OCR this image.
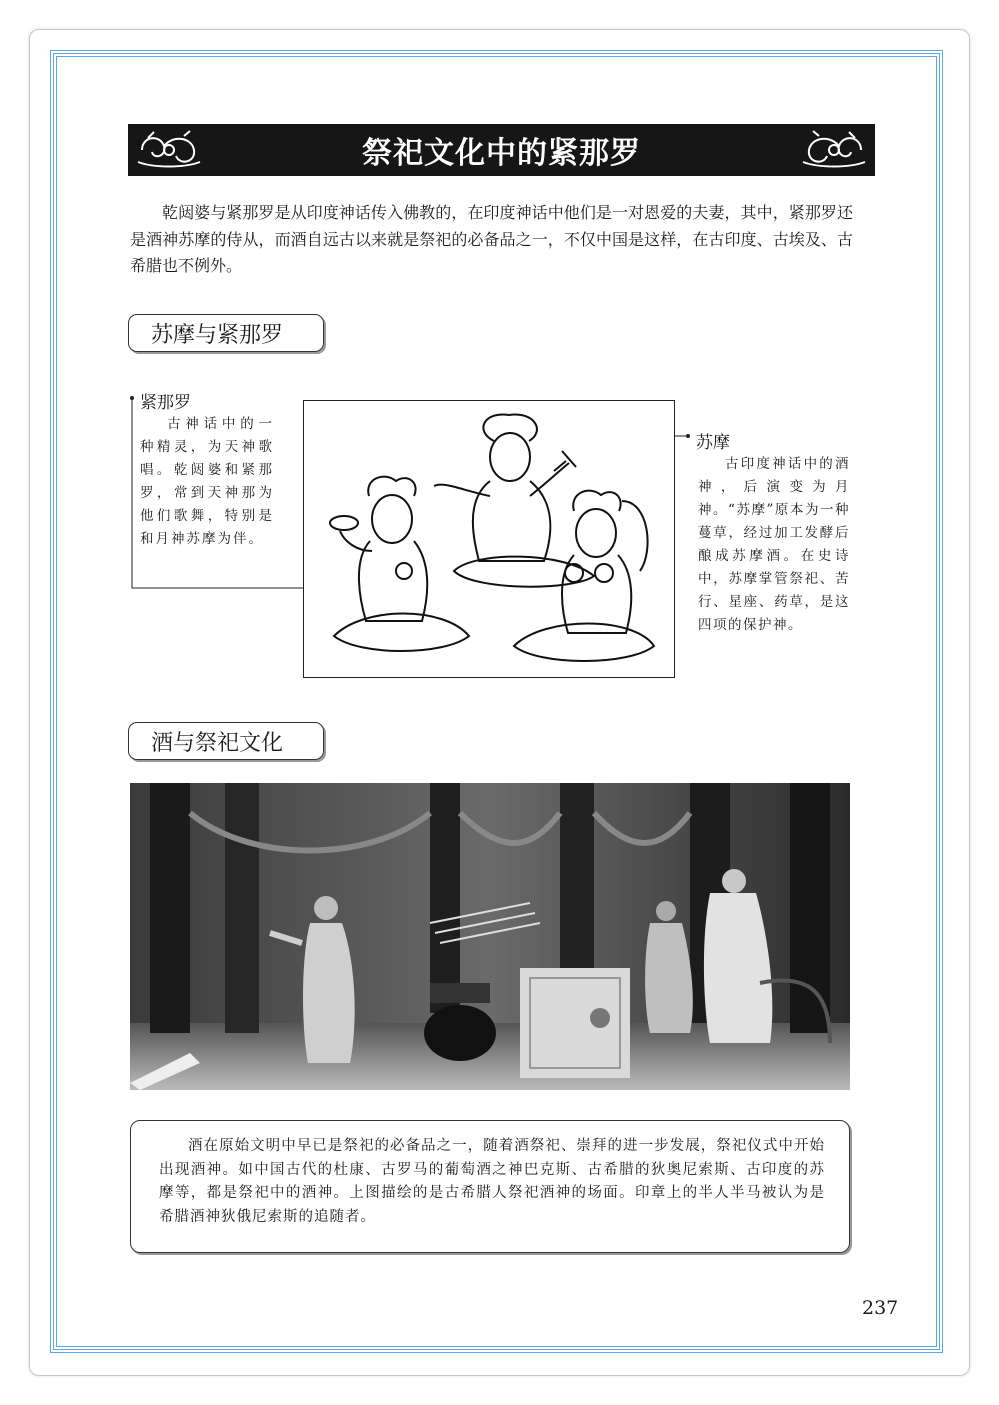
祭祀文化中的紧那罗

乾闼婆与紧那罗是从印度神话传入佛教的，在印度神话中他们是一对恩爱的夫妻，其中，紧那罗还是酒神苏摩的侍从，而酒自远古以来就是祭祀的必备品之一，不仅中国是这样，在古印度、古埃及、古希腊也不例外。

苏摩与紧那罗
紧那罗

古神话中的一种精灵，为天神歌唱。乾闼婆和紧那罗，常到天神那为他们歌舞，特别是和月神苏摩为伴。

苏摩

古印度神话中的酒神，后演变为月神。“苏摩”原本为一种蔓草，经过加工发酵后酿成苏摩酒。在史诗中，苏摩掌管祭祀、苦行、星座、药草，是这四项的保护神。

酒与祭祀文化

酒在原始文明中早已是祭祀的必备品之一，随着酒祭祀、崇拜的进一步发展，祭祀仪式中开始出现酒神。如中国古代的杜康、古罗马的葡萄酒之神巴克斯、古希腊的狄奥尼索斯、古印度的苏摩等，都是祭祀中的酒神。上图描绘的是古希腊人祭祀酒神的场面。印章上的半人半马被认为是希腊酒神狄俄尼索斯的追随者。

237
